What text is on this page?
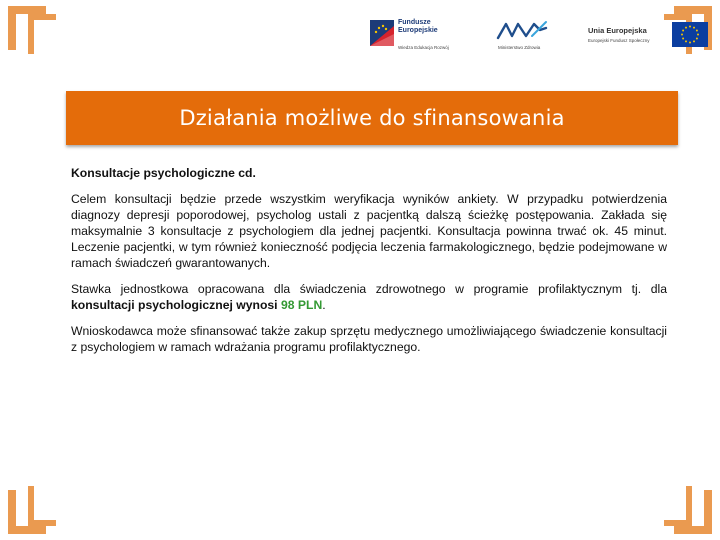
Fundusze
Europejskie
Wiedza Edukacja Rozwój	Ministerstwo Zdrowia
Unia Europejska
Europejski Fundusz Społeczny
Działania możliwe do sfinansowania

Konsultacje psychologiczne cd.

Celem konsultacji będzie przede wszystkim weryfikacja wyników ankiety. W przypadku potwierdzenia diagnozy depresji poporodowej, psycholog ustali z pacjentką dalszą ścieżkę postępowania. Zakłada się maksymalnie 3 konsultacje z psychologiem dla jednej pacjentki. Konsultacja powinna trwać ok. 45 minut. Leczenie pacjentki, w tym również konieczność podjęcia leczenia farmakologicznego, będzie podejmowane w ramach świadczeń gwarantowanych.

Stawka jednostkowa opracowana dla świadczenia zdrowotnego w programie profilaktycznym tj. dla konsultacji psychologicznej wynosi 98 PLN.

Wnioskodawca może sfinansować także zakup sprzętu medycznego umożliwiającego świadczenie konsultacji z psychologiem w ramach wdrażania programu profilaktycznego.
